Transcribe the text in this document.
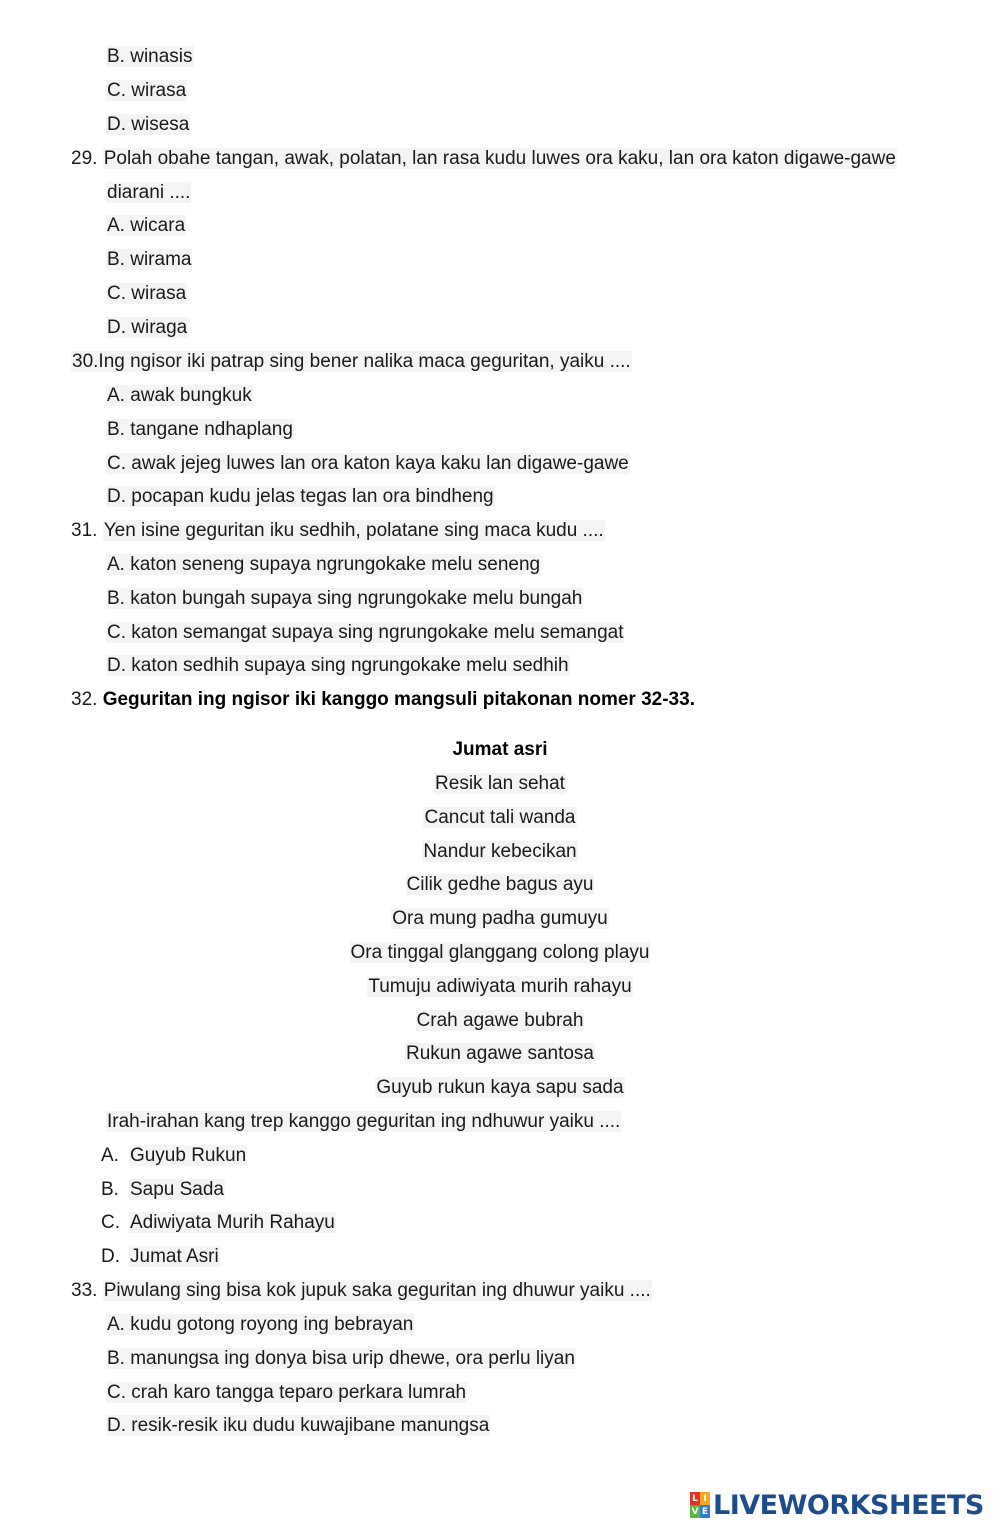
B. winasis
C. wirasa
D. wisesa
29. Polah obahe tangan, awak, polatan, lan rasa kudu luwes ora kaku, lan ora katon digawe-gawe
diarani ....
A. wicara
B. wirama
C. wirasa
D. wiraga
30.Ing ngisor iki patrap sing bener nalika maca geguritan, yaiku ....
A. awak bungkuk
B. tangane ndhaplang
C. awak jejeg luwes lan ora katon kaya kaku lan digawe-gawe
D. pocapan kudu jelas tegas lan ora bindheng
31. Yen isine geguritan iku sedhih, polatane sing maca kudu ....
A. katon seneng supaya ngrungokake melu seneng
B. katon bungah supaya sing ngrungokake melu bungah
C. katon semangat supaya sing ngrungokake melu semangat
D. katon sedhih supaya sing ngrungokake melu sedhih
32. Geguritan ing ngisor iki kanggo mangsuli pitakonan nomer 32-33.
Jumat asri
Resik lan sehat
Cancut tali wanda
Nandur kebecikan
Cilik gedhe bagus ayu
Ora mung padha gumuyu
Ora tinggal glanggang colong playu
Tumuju adiwiyata murih rahayu
Crah agawe bubrah
Rukun agawe santosa
Guyub rukun kaya sapu sada
Irah-irahan kang trep kanggo geguritan ing ndhuwur yaiku ....
A. Guyub Rukun
B. Sapu Sada
C. Adiwiyata Murih Rahayu
D. Jumat Asri
33. Piwulang sing bisa kok jupuk saka geguritan ing dhuwur yaiku ....
A. kudu gotong royong ing bebrayan
B. manungsa ing donya bisa urip dhewe, ora perlu liyan
C. crah karo tangga teparo perkara lumrah
D. resik-resik iku dudu kuwajibane manungsa
L I
V E LIVEWORKSHEETS
